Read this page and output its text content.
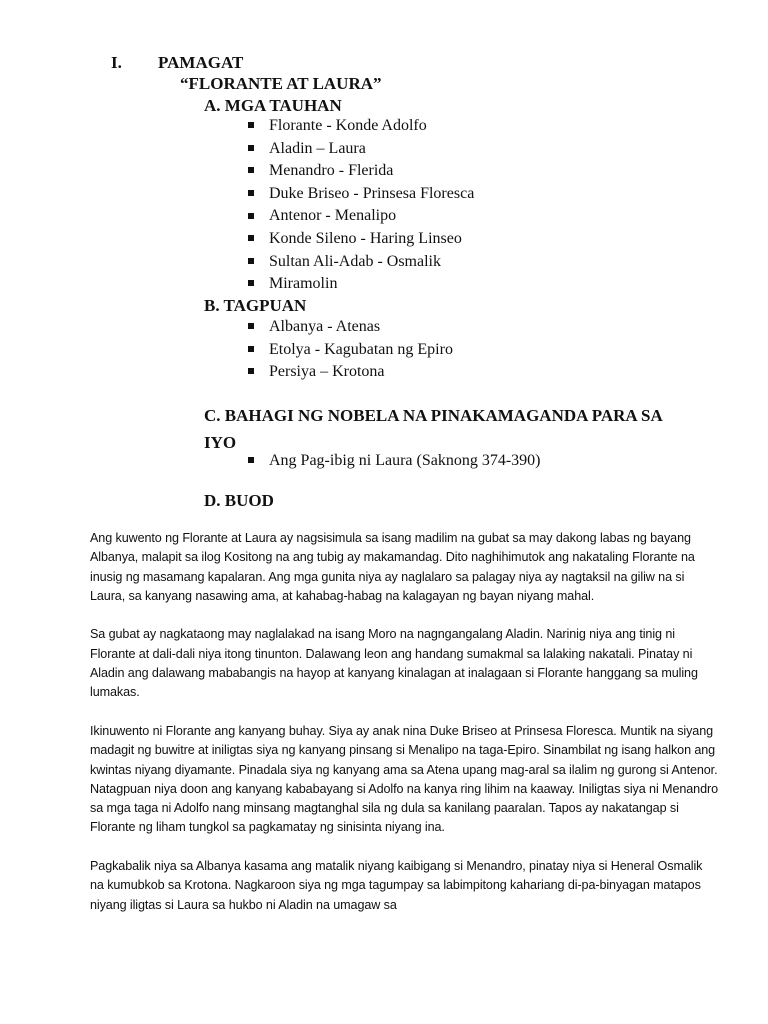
I. PAMAGAT
“FLORANTE AT LAURA”
A. MGA TAUHAN
Florante - Konde Adolfo
Aladin – Laura
Menandro - Flerida
Duke Briseo - Prinsesa Floresca
Antenor - Menalipo
Konde Sileno - Haring Linseo
Sultan Ali-Adab - Osmalik
Miramolin
B. TAGPUAN
Albanya - Atenas
Etolya - Kagubatan ng Epiro
Persiya – Krotona
C. BAHAGI NG NOBELA NA PINAKAMAGANDA PARA SA IYO
Ang Pag-ibig ni Laura (Saknong 374-390)
D. BUOD

Ang kuwento ng Florante at Laura ay nagsisimula sa isang madilim na gubat sa may dakong labas ng bayang Albanya, malapit sa ilog Kositong na ang tubig ay makamandag. Dito naghihimutok ang nakataling Florante na inusig ng masamang kapalaran. Ang mga gunita niya ay naglalaro sa palagay niya ay nagtaksil na giliw na si Laura, sa kanyang nasawing ama, at kahabag-habag na kalagayan ng bayan niyang mahal.

Sa gubat ay nagkataong may naglalakad na isang Moro na nagngangalang Aladin. Narinig niya ang tinig ni Florante at dali-dali niya itong tinunton. Dalawang leon ang handang sumakmal sa lalaking nakatali. Pinatay ni Aladin ang dalawang mababangis na hayop at kanyang kinalagan at inalagaan si Florante hanggang sa muling lumakas.

Ikinuwento ni Florante ang kanyang buhay. Siya ay anak nina Duke Briseo at Prinsesa Floresca. Muntik na siyang madagit ng buwitre at iniligtas siya ng kanyang pinsang si Menalipo na taga-Epiro. Sinambilat ng isang halkon ang kwintas niyang diyamante. Pinadala siya ng kanyang ama sa Atena upang mag-aral sa ilalim ng gurong si Antenor. Natagpuan niya doon ang kanyang kababayang si Adolfo na kanya ring lihim na kaaway. Iniligtas siya ni Menandro sa mga taga ni Adolfo nang minsang magtanghal sila ng dula sa kanilang paaralan. Tapos ay nakatangap si Florante ng liham tungkol sa pagkamatay ng sinisinta niyang ina.

Pagkabalik niya sa Albanya kasama ang matalik niyang kaibigang si Menandro, pinatay niya si Heneral Osmalik na kumubkob sa Krotona. Nagkaroon siya ng mga tagumpay sa labimpitong kahariang di-pa-binyagan matapos niyang iligtas si Laura sa hukbo ni Aladin na umagaw sa
